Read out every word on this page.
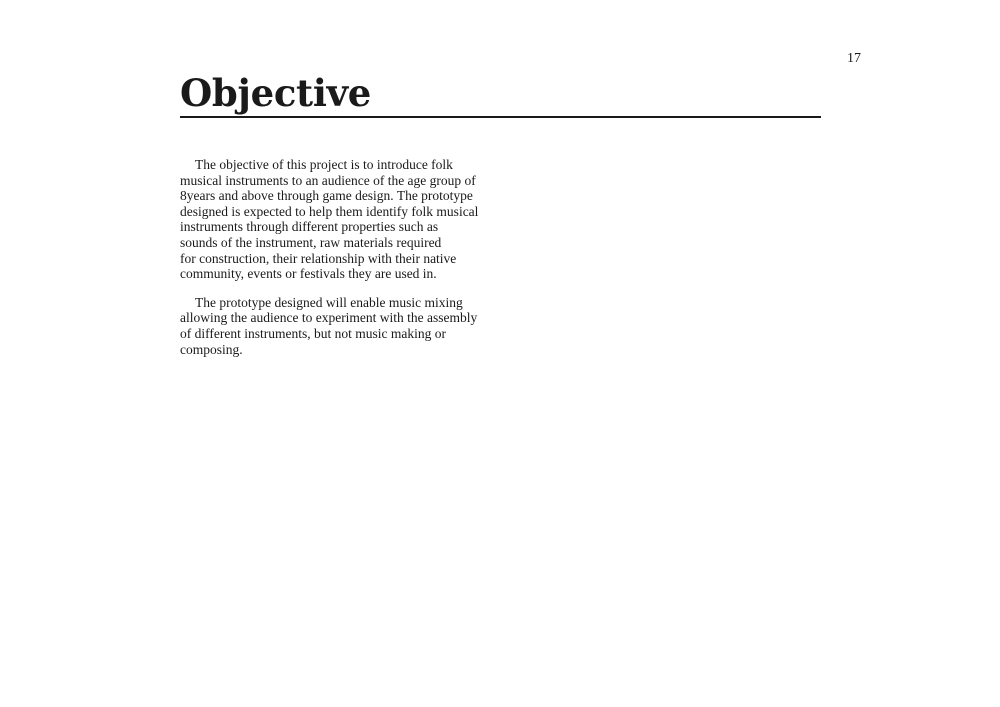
17
Objective

The objective of this project is to introduce folk
musical instruments to an audience of the age group of
8years and above through game design. The prototype
designed is expected to help them identify folk musical
instruments through different properties such as
sounds of the instrument, raw materials required
for construction, their relationship with their native
community, events or festivals they are used in.

The prototype designed will enable music mixing
allowing the audience to experiment with the assembly
of different instruments, but not music making or
composing.
